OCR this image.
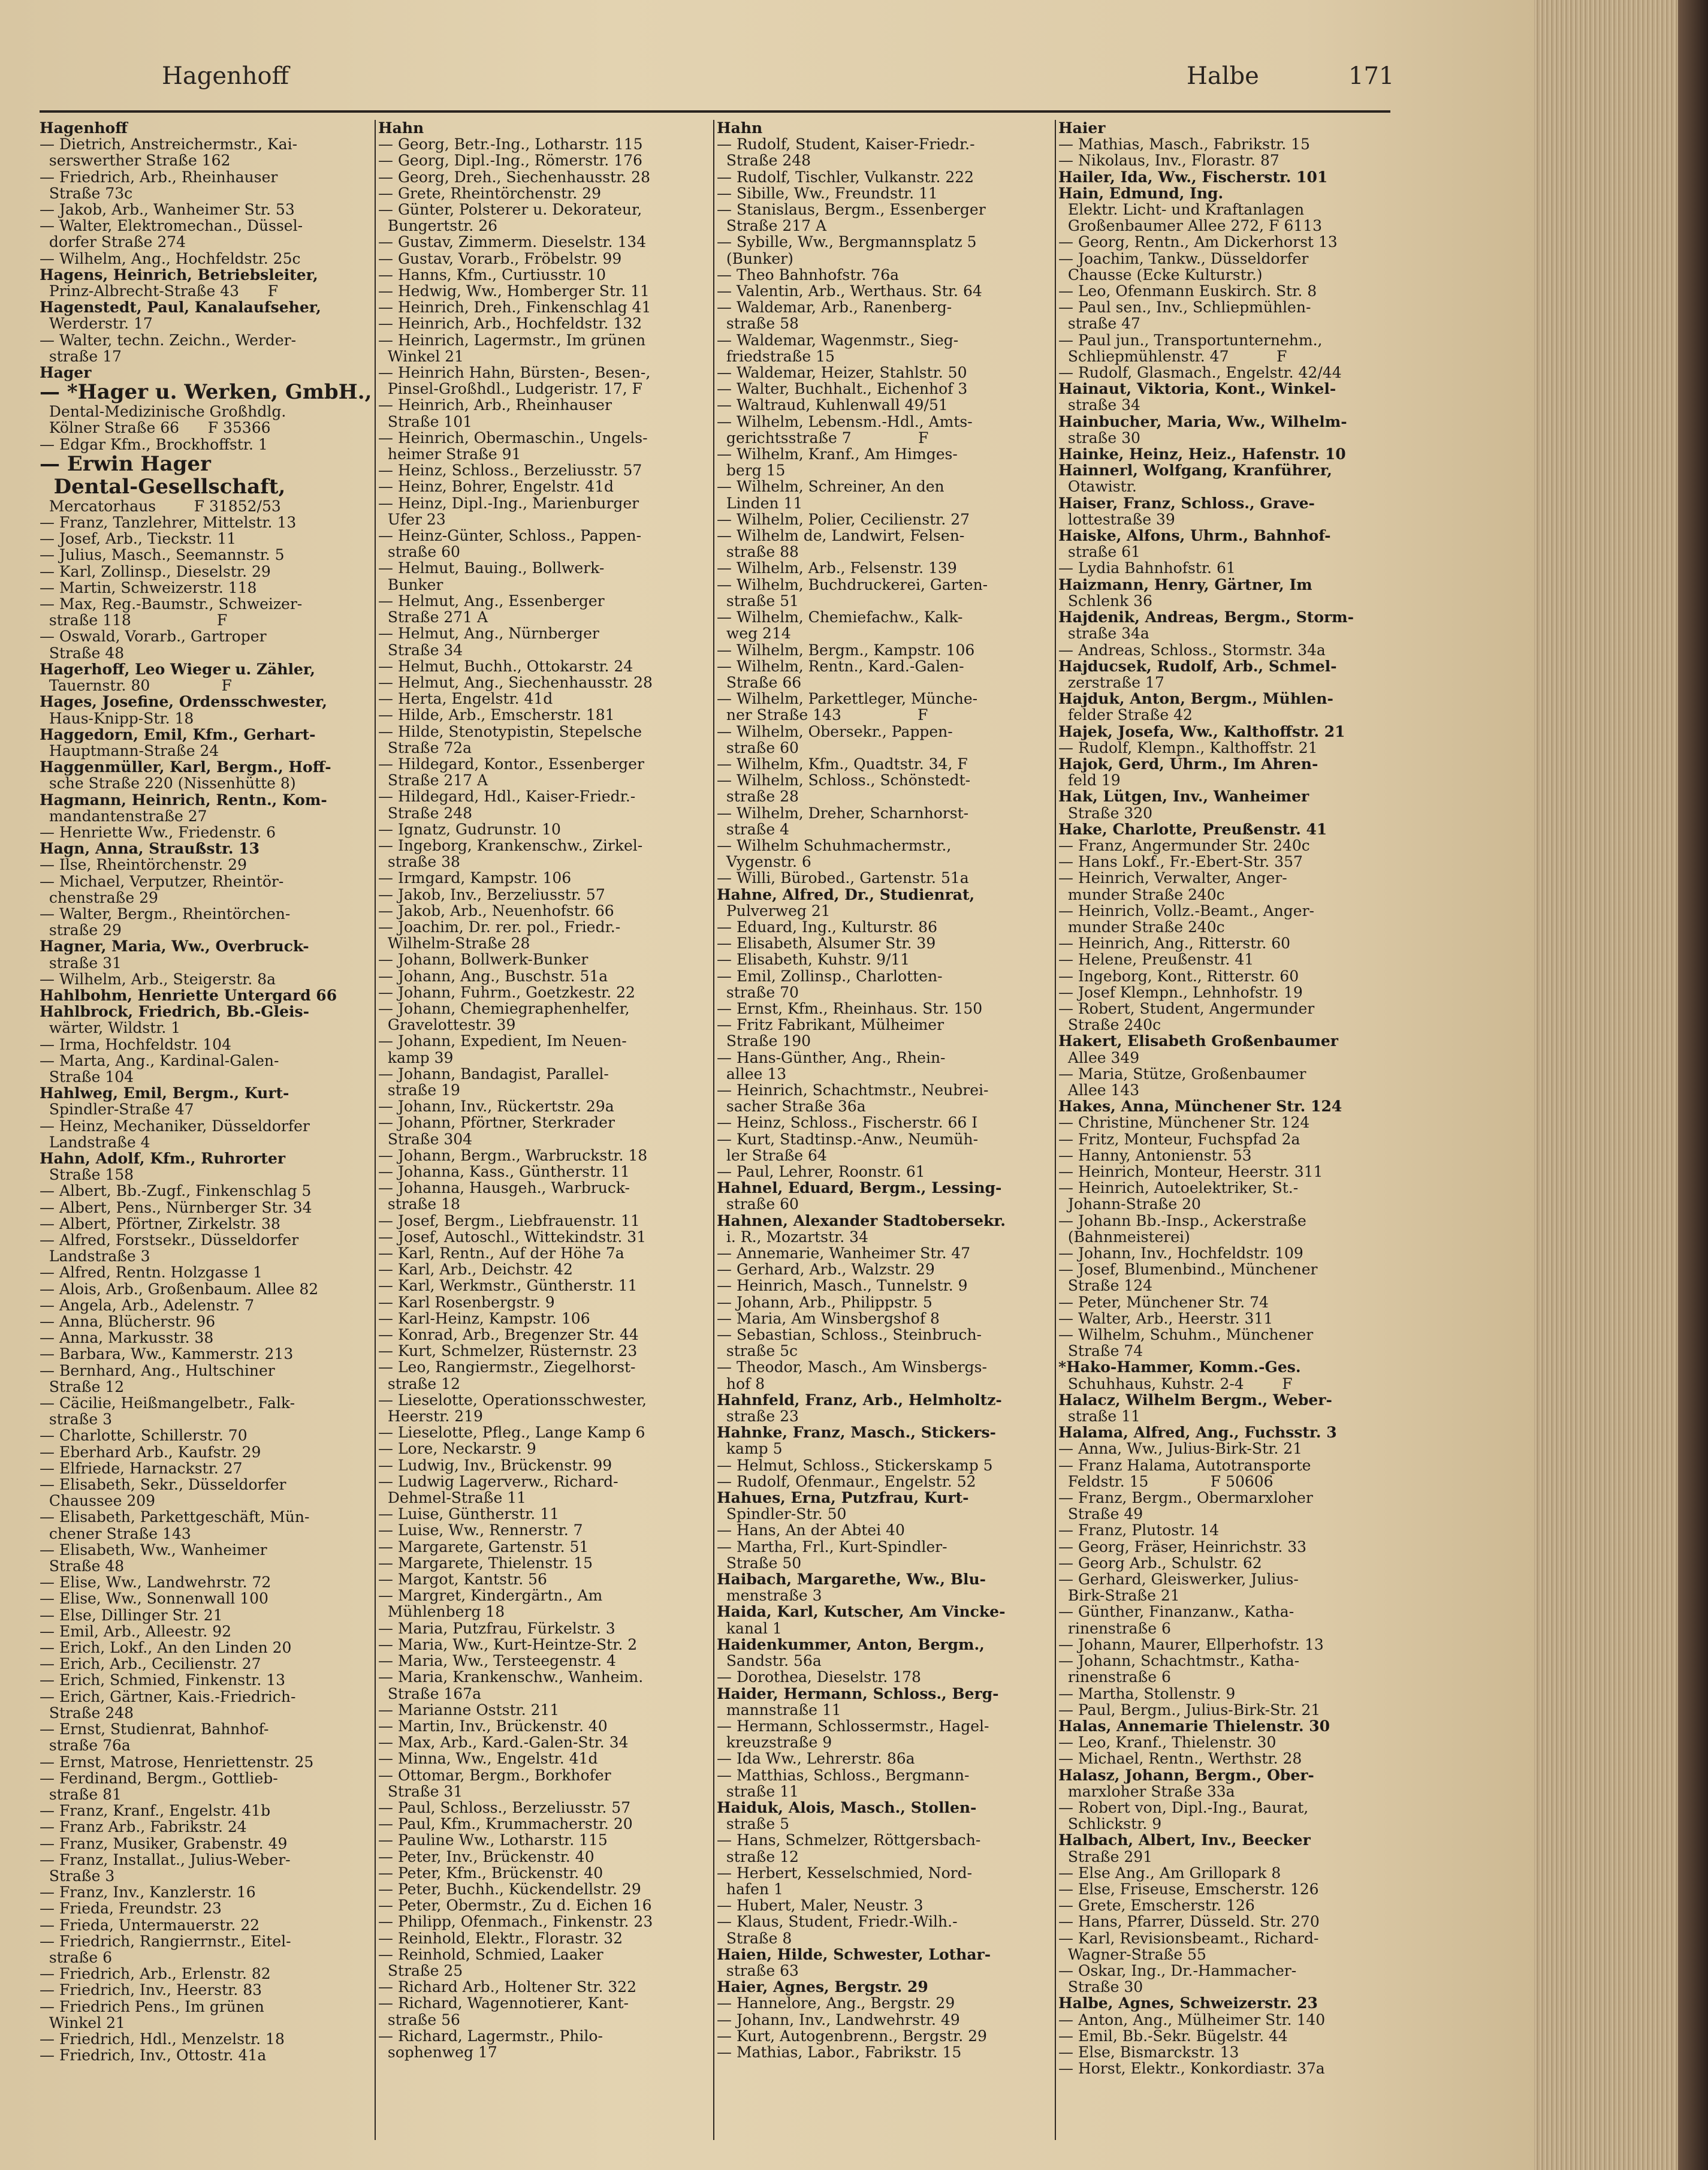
Hagenhoff	Halbe	171
Hagenhoff
— Dietrich, Anstreichermstr., Kai-
serswerther Straße 162
— Friedrich, Arb., Rheinhauser
Straße 73c
— Jakob, Arb., Wanheimer Str. 53
— Walter, Elektromechan., Düssel-
dorfer Straße 274
— Wilhelm, Ang., Hochfeldstr. 25c
Hagens, Heinrich, Betriebsleiter,
Prinz-Albrecht-Straße 43      F
Hagenstedt, Paul, Kanalaufseher,
Werderstr. 17
— Walter, techn. Zeichn., Werder-
straße 17
Hager
— *Hager u. Werken, GmbH.,
Dental-Medizinische Großhdlg.
Kölner Straße 66      F 35366
— Edgar Kfm., Brockhoffstr. 1
— Erwin Hager
Dental-Gesellschaft,
Mercatorhaus        F 31852/53
— Franz, Tanzlehrer, Mittelstr. 13
— Josef, Arb., Tieckstr. 11
— Julius, Masch., Seemannstr. 5
— Karl, Zollinsp., Dieselstr. 29
— Martin, Schweizerstr. 118
— Max, Reg.-Baumstr., Schweizer-
straße 118                  F
— Oswald, Vorarb., Gartroper
Straße 48
Hagerhoff, Leo Wieger u. Zähler,
Tauernstr. 80               F
Hages, Josefine, Ordensschwester,
Haus-Knipp-Str. 18
Haggedorn, Emil, Kfm., Gerhart-
Hauptmann-Straße 24
Haggenmüller, Karl, Bergm., Hoff-
sche Straße 220 (Nissenhütte 8)
Hagmann, Heinrich, Rentn., Kom-
mandantenstraße 27
— Henriette Ww., Friedenstr. 6
Hagn, Anna, Straußstr. 13
— Ilse, Rheintörchenstr. 29
— Michael, Verputzer, Rheintör-
chenstraße 29
— Walter, Bergm., Rheintörchen-
straße 29
Hagner, Maria, Ww., Overbruck-
straße 31
— Wilhelm, Arb., Steigerstr. 8a
Hahlbohm, Henriette Untergard 66
Hahlbrock, Friedrich, Bb.-Gleis-
wärter, Wildstr. 1
— Irma, Hochfeldstr. 104
— Marta, Ang., Kardinal-Galen-
Straße 104
Hahlweg, Emil, Bergm., Kurt-
Spindler-Straße 47
— Heinz, Mechaniker, Düsseldorfer
Landstraße 4
Hahn, Adolf, Kfm., Ruhrorter
Straße 158
— Albert, Bb.-Zugf., Finkenschlag 5
— Albert, Pens., Nürnberger Str. 34
— Albert, Pförtner, Zirkelstr. 38
— Alfred, Forstsekr., Düsseldorfer
Landstraße 3
— Alfred, Rentn. Holzgasse 1
— Alois, Arb., Großenbaum. Allee 82
— Angela, Arb., Adelenstr. 7
— Anna, Blücherstr. 96
— Anna, Markusstr. 38
— Barbara, Ww., Kammerstr. 213
— Bernhard, Ang., Hultschiner
Straße 12
— Cäcilie, Heißmangelbetr., Falk-
straße 3
— Charlotte, Schillerstr. 70
— Eberhard Arb., Kaufstr. 29
— Elfriede, Harnackstr. 27
— Elisabeth, Sekr., Düsseldorfer
Chaussee 209
— Elisabeth, Parkettgeschäft, Mün-
chener Straße 143
— Elisabeth, Ww., Wanheimer
Straße 48
— Elise, Ww., Landwehrstr. 72
— Elise, Ww., Sonnenwall 100
— Else, Dillinger Str. 21
— Emil, Arb., Alleestr. 92
— Erich, Lokf., An den Linden 20
— Erich, Arb., Cecilienstr. 27
— Erich, Schmied, Finkenstr. 13
— Erich, Gärtner, Kais.-Friedrich-
Straße 248
— Ernst, Studienrat, Bahnhof-
straße 76a
— Ernst, Matrose, Henriettenstr. 25
— Ferdinand, Bergm., Gottlieb-
straße 81
— Franz, Kranf., Engelstr. 41b
— Franz Arb., Fabrikstr. 24
— Franz, Musiker, Grabenstr. 49
— Franz, Installat., Julius-Weber-
Straße 3
— Franz, Inv., Kanzlerstr. 16
— Frieda, Freundstr. 23
— Frieda, Untermauerstr. 22
— Friedrich, Rangierrnstr., Eitel-
straße 6
— Friedrich, Arb., Erlenstr. 82
— Friedrich, Inv., Heerstr. 83
— Friedrich Pens., Im grünen
Winkel 21
— Friedrich, Hdl., Menzelstr. 18
— Friedrich, Inv., Ottostr. 41a
Hahn
— Georg, Betr.-Ing., Lotharstr. 115
— Georg, Dipl.-Ing., Römerstr. 176
— Georg, Dreh., Siechenhausstr. 28
— Grete, Rheintörchenstr. 29
— Günter, Polsterer u. Dekorateur,
Bungertstr. 26
— Gustav, Zimmerm. Dieselstr. 134
— Gustav, Vorarb., Fröbelstr. 99
— Hanns, Kfm., Curtiusstr. 10
— Hedwig, Ww., Homberger Str. 11
— Heinrich, Dreh., Finkenschlag 41
— Heinrich, Arb., Hochfeldstr. 132
— Heinrich, Lagermstr., Im grünen
Winkel 21
— Heinrich Hahn, Bürsten-, Besen-,
Pinsel-Großhdl., Ludgeristr. 17, F
— Heinrich, Arb., Rheinhauser
Straße 101
— Heinrich, Obermaschin., Ungels-
heimer Straße 91
— Heinz, Schloss., Berzeliusstr. 57
— Heinz, Bohrer, Engelstr. 41d
— Heinz, Dipl.-Ing., Marienburger
Ufer 23
— Heinz-Günter, Schloss., Pappen-
straße 60
— Helmut, Bauing., Bollwerk-
Bunker
— Helmut, Ang., Essenberger
Straße 271 A
— Helmut, Ang., Nürnberger
Straße 34
— Helmut, Buchh., Ottokarstr. 24
— Helmut, Ang., Siechenhausstr. 28
— Herta, Engelstr. 41d
— Hilde, Arb., Emscherstr. 181
— Hilde, Stenotypistin, Stepelsche
Straße 72a
— Hildegard, Kontor., Essenberger
Straße 217 A
— Hildegard, Hdl., Kaiser-Friedr.-
Straße 248
— Ignatz, Gudrunstr. 10
— Ingeborg, Krankenschw., Zirkel-
straße 38
— Irmgard, Kampstr. 106
— Jakob, Inv., Berzeliusstr. 57
— Jakob, Arb., Neuenhofstr. 66
— Joachim, Dr. rer. pol., Friedr.-
Wilhelm-Straße 28
— Johann, Bollwerk-Bunker
— Johann, Ang., Buschstr. 51a
— Johann, Fuhrm., Goetzkestr. 22
— Johann, Chemiegraphenhelfer,
Gravelottestr. 39
— Johann, Expedient, Im Neuen-
kamp 39
— Johann, Bandagist, Parallel-
straße 19
— Johann, Inv., Rückertstr. 29a
— Johann, Pförtner, Sterkrader
Straße 304
— Johann, Bergm., Warbruckstr. 18
— Johanna, Kass., Güntherstr. 11
— Johanna, Hausgeh., Warbruck-
straße 18
— Josef, Bergm., Liebfrauenstr. 11
— Josef, Autoschl., Wittekindstr. 31
— Karl, Rentn., Auf der Höhe 7a
— Karl, Arb., Deichstr. 42
— Karl, Werkmstr., Güntherstr. 11
— Karl Rosenbergstr. 9
— Karl-Heinz, Kampstr. 106
— Konrad, Arb., Bregenzer Str. 44
— Kurt, Schmelzer, Rüsternstr. 23
— Leo, Rangiermstr., Ziegelhorst-
straße 12
— Lieselotte, Operationsschwester,
Heerstr. 219
— Lieselotte, Pfleg., Lange Kamp 6
— Lore, Neckarstr. 9
— Ludwig, Inv., Brückenstr. 99
— Ludwig Lagerverw., Richard-
Dehmel-Straße 11
— Luise, Güntherstr. 11
— Luise, Ww., Rennerstr. 7
— Margarete, Gartenstr. 51
— Margarete, Thielenstr. 15
— Margot, Kantstr. 56
— Margret, Kindergärtn., Am
Mühlenberg 18
— Maria, Putzfrau, Fürkelstr. 3
— Maria, Ww., Kurt-Heintze-Str. 2
— Maria, Ww., Tersteegenstr. 4
— Maria, Krankenschw., Wanheim.
Straße 167a
— Marianne Oststr. 211
— Martin, Inv., Brückenstr. 40
— Max, Arb., Kard.-Galen-Str. 34
— Minna, Ww., Engelstr. 41d
— Ottomar, Bergm., Borkhofer
Straße 31
— Paul, Schloss., Berzeliusstr. 57
— Paul, Kfm., Krummacherstr. 20
— Pauline Ww., Lotharstr. 115
— Peter, Inv., Brückenstr. 40
— Peter, Kfm., Brückenstr. 40
— Peter, Buchh., Kückendellstr. 29
— Peter, Obermstr., Zu d. Eichen 16
— Philipp, Ofenmach., Finkenstr. 23
— Reinhold, Elektr., Florastr. 32
— Reinhold, Schmied, Laaker
Straße 25
— Richard Arb., Holtener Str. 322
— Richard, Wagennotierer, Kant-
straße 56
— Richard, Lagermstr., Philo-
sophenweg 17
Hahn
— Rudolf, Student, Kaiser-Friedr.-
Straße 248
— Rudolf, Tischler, Vulkanstr. 222
— Sibille, Ww., Freundstr. 11
— Stanislaus, Bergm., Essenberger
Straße 217 A
— Sybille, Ww., Bergmannsplatz 5
(Bunker)
— Theo Bahnhofstr. 76a
— Valentin, Arb., Werthaus. Str. 64
— Waldemar, Arb., Ranenberg-
straße 58
— Waldemar, Wagenmstr., Sieg-
friedstraße 15
— Waldemar, Heizer, Stahlstr. 50
— Walter, Buchhalt., Eichenhof 3
— Waltraud, Kuhlenwall 49/51
— Wilhelm, Lebensm.-Hdl., Amts-
gerichtsstraße 7              F
— Wilhelm, Kranf., Am Himges-
berg 15
— Wilhelm, Schreiner, An den
Linden 11
— Wilhelm, Polier, Cecilienstr. 27
— Wilhelm de, Landwirt, Felsen-
straße 88
— Wilhelm, Arb., Felsenstr. 139
— Wilhelm, Buchdruckerei, Garten-
straße 51
— Wilhelm, Chemiefachw., Kalk-
weg 214
— Wilhelm, Bergm., Kampstr. 106
— Wilhelm, Rentn., Kard.-Galen-
Straße 66
— Wilhelm, Parkettleger, Münche-
ner Straße 143                F
— Wilhelm, Obersekr., Pappen-
straße 60
— Wilhelm, Kfm., Quadtstr. 34, F
— Wilhelm, Schloss., Schönstedt-
straße 28
— Wilhelm, Dreher, Scharnhorst-
straße 4
— Wilhelm Schuhmachermstr.,
Vygenstr. 6
— Willi, Bürobed., Gartenstr. 51a
Hahne, Alfred, Dr., Studienrat,
Pulverweg 21
— Eduard, Ing., Kulturstr. 86
— Elisabeth, Alsumer Str. 39
— Elisabeth, Kuhstr. 9/11
— Emil, Zollinsp., Charlotten-
straße 70
— Ernst, Kfm., Rheinhaus. Str. 150
— Fritz Fabrikant, Mülheimer
Straße 190
— Hans-Günther, Ang., Rhein-
allee 13
— Heinrich, Schachtmstr., Neubrei-
sacher Straße 36a
— Heinz, Schloss., Fischerstr. 66 I
— Kurt, Stadtinsp.-Anw., Neumüh-
ler Straße 64
— Paul, Lehrer, Roonstr. 61
Hahnel, Eduard, Bergm., Lessing-
straße 60
Hahnen, Alexander Stadtobersekr.
i. R., Mozartstr. 34
— Annemarie, Wanheimer Str. 47
— Gerhard, Arb., Walzstr. 29
— Heinrich, Masch., Tunnelstr. 9
— Johann, Arb., Philippstr. 5
— Maria, Am Winsbergshof 8
— Sebastian, Schloss., Steinbruch-
straße 5c
— Theodor, Masch., Am Winsbergs-
hof 8
Hahnfeld, Franz, Arb., Helmholtz-
straße 23
Hahnke, Franz, Masch., Stickers-
kamp 5
— Helmut, Schloss., Stickerskamp 5
— Rudolf, Ofenmaur., Engelstr. 52
Hahues, Erna, Putzfrau, Kurt-
Spindler-Str. 50
— Hans, An der Abtei 40
— Martha, Frl., Kurt-Spindler-
Straße 50
Haibach, Margarethe, Ww., Blu-
menstraße 3
Haida, Karl, Kutscher, Am Vincke-
kanal 1
Haidenkummer, Anton, Bergm.,
Sandstr. 56a
— Dorothea, Dieselstr. 178
Haider, Hermann, Schloss., Berg-
mannstraße 11
— Hermann, Schlossermstr., Hagel-
kreuzstraße 9
— Ida Ww., Lehrerstr. 86a
— Matthias, Schloss., Bergmann-
straße 11
Haiduk, Alois, Masch., Stollen-
straße 5
— Hans, Schmelzer, Röttgersbach-
straße 12
— Herbert, Kesselschmied, Nord-
hafen 1
— Hubert, Maler, Neustr. 3
— Klaus, Student, Friedr.-Wilh.-
Straße 8
Haien, Hilde, Schwester, Lothar-
straße 63
Haier, Agnes, Bergstr. 29
— Hannelore, Ang., Bergstr. 29
— Johann, Inv., Landwehrstr. 49
— Kurt, Autogenbrenn., Bergstr. 29
— Mathias, Labor., Fabrikstr. 15
Haier
— Mathias, Masch., Fabrikstr. 15
— Nikolaus, Inv., Florastr. 87
Hailer, Ida, Ww., Fischerstr. 101
Hain, Edmund, Ing.
Elektr. Licht- und Kraftanlagen
Großenbaumer Allee 272, F 6113
— Georg, Rentn., Am Dickerhorst 13
— Joachim, Tankw., Düsseldorfer
Chausse (Ecke Kulturstr.)
— Leo, Ofenmann Euskirch. Str. 8
— Paul sen., Inv., Schliepmühlen-
straße 47
— Paul jun., Transportunternehm.,
Schliepmühlenstr. 47          F
— Rudolf, Glasmach., Engelstr. 42/44
Hainaut, Viktoria, Kont., Winkel-
straße 34
Hainbucher, Maria, Ww., Wilhelm-
straße 30
Hainke, Heinz, Heiz., Hafenstr. 10
Hainnerl, Wolfgang, Kranführer,
Otawistr.
Haiser, Franz, Schloss., Grave-
lottestraße 39
Haiske, Alfons, Uhrm., Bahnhof-
straße 61
— Lydia Bahnhofstr. 61
Haizmann, Henry, Gärtner, Im
Schlenk 36
Hajdenik, Andreas, Bergm., Storm-
straße 34a
— Andreas, Schloss., Stormstr. 34a
Hajducsek, Rudolf, Arb., Schmel-
zerstraße 17
Hajduk, Anton, Bergm., Mühlen-
felder Straße 42
Hajek, Josefa, Ww., Kalthoffstr. 21
— Rudolf, Klempn., Kalthoffstr. 21
Hajok, Gerd, Uhrm., Im Ahren-
feld 19
Hak, Lütgen, Inv., Wanheimer
Straße 320
Hake, Charlotte, Preußenstr. 41
— Franz, Angermunder Str. 240c
— Hans Lokf., Fr.-Ebert-Str. 357
— Heinrich, Verwalter, Anger-
munder Straße 240c
— Heinrich, Vollz.-Beamt., Anger-
munder Straße 240c
— Heinrich, Ang., Ritterstr. 60
— Helene, Preußenstr. 41
— Ingeborg, Kont., Ritterstr. 60
— Josef Klempn., Lehnhofstr. 19
— Robert, Student, Angermunder
Straße 240c
Hakert, Elisabeth Großenbaumer
Allee 349
— Maria, Stütze, Großenbaumer
Allee 143
Hakes, Anna, Münchener Str. 124
— Christine, Münchener Str. 124
— Fritz, Monteur, Fuchspfad 2a
— Hanny, Antonienstr. 53
— Heinrich, Monteur, Heerstr. 311
— Heinrich, Autoelektriker, St.-
Johann-Straße 20
— Johann Bb.-Insp., Ackerstraße
(Bahnmeisterei)
— Johann, Inv., Hochfeldstr. 109
— Josef, Blumenbind., Münchener
Straße 124
— Peter, Münchener Str. 74
— Walter, Arb., Heerstr. 311
— Wilhelm, Schuhm., Münchener
Straße 74
*Hako-Hammer, Komm.-Ges.
Schuhhaus, Kuhstr. 2-4        F
Halacz, Wilhelm Bergm., Weber-
straße 11
Halama, Alfred, Ang., Fuchsstr. 3
— Anna, Ww., Julius-Birk-Str. 21
— Franz Halama, Autotransporte
Feldstr. 15             F 50606
— Franz, Bergm., Obermarxloher
Straße 49
— Franz, Plutostr. 14
— Georg, Fräser, Heinrichstr. 33
— Georg Arb., Schulstr. 62
— Gerhard, Gleiswerker, Julius-
Birk-Straße 21
— Günther, Finanzanw., Katha-
rinenstraße 6
— Johann, Maurer, Ellperhofstr. 13
— Johann, Schachtmstr., Katha-
rinenstraße 6
— Martha, Stollenstr. 9
— Paul, Bergm., Julius-Birk-Str. 21
Halas, Annemarie Thielenstr. 30
— Leo, Kranf., Thielenstr. 30
— Michael, Rentn., Werthstr. 28
Halasz, Johann, Bergm., Ober-
marxloher Straße 33a
— Robert von, Dipl.-Ing., Baurat,
Schlickstr. 9
Halbach, Albert, Inv., Beecker
Straße 291
— Else Ang., Am Grillopark 8
— Else, Friseuse, Emscherstr. 126
— Grete, Emscherstr. 126
— Hans, Pfarrer, Düsseld. Str. 270
— Karl, Revisionsbeamt., Richard-
Wagner-Straße 55
— Oskar, Ing., Dr.-Hammacher-
Straße 30
Halbe, Agnes, Schweizerstr. 23
— Anton, Ang., Mülheimer Str. 140
— Emil, Bb.-Sekr. Bügelstr. 44
— Else, Bismarckstr. 13
— Horst, Elektr., Konkordiastr. 37a
